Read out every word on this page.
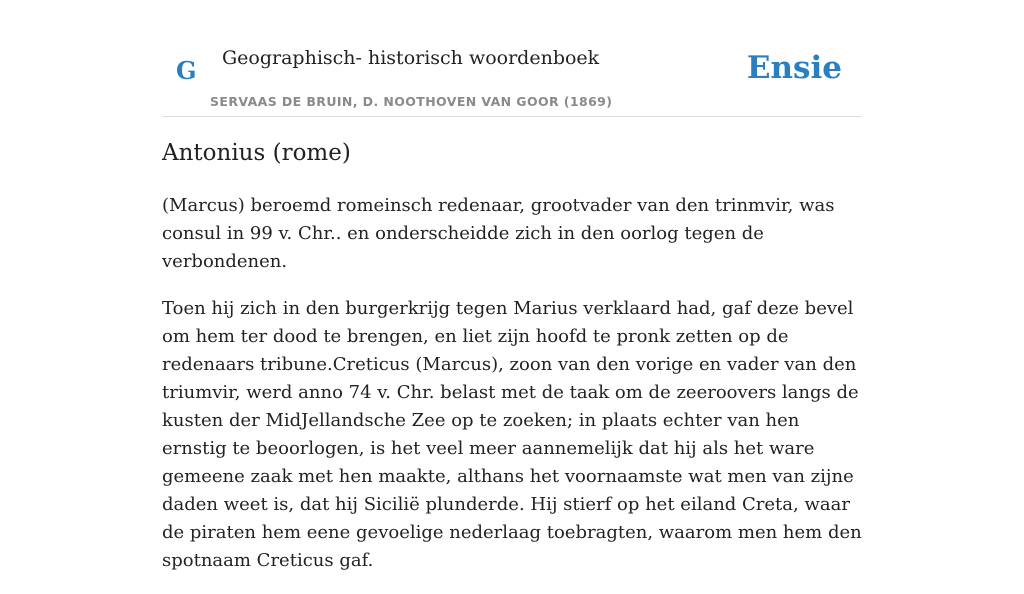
G Geographisch- historisch woordenboek
SERVAAS DE BRUIN, D. NOOTHOVEN VAN GOOR (1869)
Ensie
Antonius (rome)

(Marcus) beroemd romeinsch redenaar, grootvader van den trinmvir, was consul in 99 v. Chr.. en onderscheidde zich in den oorlog tegen de verbondenen.

Toen hij zich in den burgerkrijg tegen Marius verklaard had, gaf deze bevel om hem ter dood te brengen, en liet zijn hoofd te pronk zetten op de redenaars tribune.Creticus (Marcus), zoon van den vorige en vader van den triumvir, werd anno 74 v. Chr. belast met de taak om de zeeroovers langs de kusten der MidJellandsche Zee op te zoeken; in plaats echter van hen ernstig te beoorlogen, is het veel meer aannemelijk dat hij als het ware gemeene zaak met hen maakte, althans het voornaamste wat men van zijne daden weet is, dat hij Sicilië plunderde. Hij stierf op het eiland Creta, waar de piraten hem eene gevoelige nederlaag toebragten, waarom men hem den spotnaam Creticus gaf.
